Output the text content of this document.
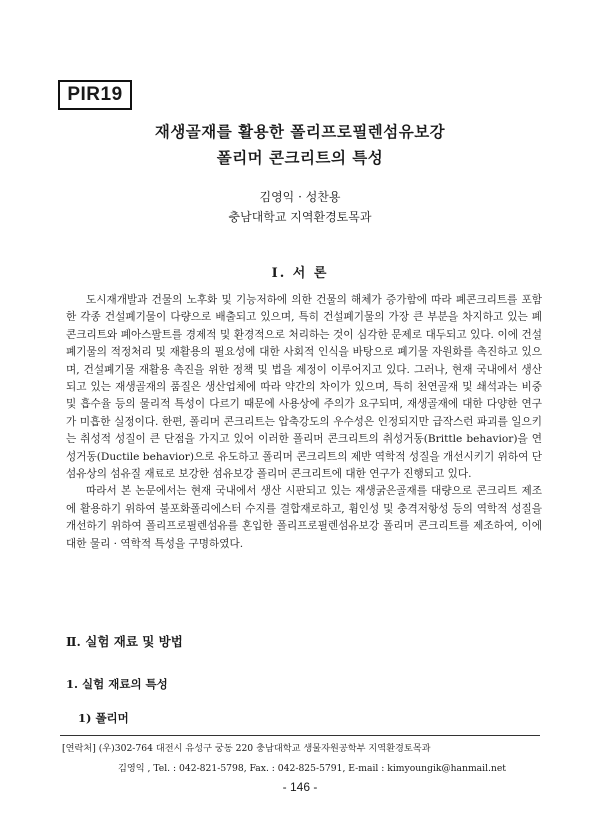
PIR19
재생골재를 활용한 폴리프로필렌섬유보강
폴리머 콘크리트의 특성
김영익 · 성찬용
충남대학교 지역환경토목과
Ⅰ. 서 론

도시재개발과 건물의 노후화 및 기능저하에 의한 건물의 해체가 증가함에 따라 폐콘크리트를 포함한 각종 건설폐기물이 다량으로 배출되고 있으며, 특히 건설폐기물의 가장 큰 부분을 차지하고 있는 폐콘크리트와 폐아스팔트를 경제적 및 환경적으로 처리하는 것이 심각한 문제로 대두되고 있다. 이에 건설폐기물의 적정처리 및 재활용의 필요성에 대한 사회적 인식을 바탕으로 폐기물 자원화를 촉진하고 있으며, 건설폐기물 재활용 촉진을 위한 정책 및 법을 제정이 이루어지고 있다. 그러나, 현재 국내에서 생산되고 있는 재생골재의 품질은 생산업체에 따라 약간의 차이가 있으며, 특히 천연골재 및 쇄석과는 비중 및 흡수율 등의 물리적 특성이 다르기 때문에 사용상에 주의가 요구되며, 재생골재에 대한 다양한 연구가 미흡한 실정이다. 한편, 폴리머 콘크리트는 압축강도의 우수성은 인정되지만 급작스런 파괴를 일으키는 취성적 성질이 큰 단점을 가지고 있어 이러한 폴리머 콘크리트의 취성거동(Brittle behavior)을 연성거동(Ductile behavior)으로 유도하고 폴리머 콘크리트의 제반 역학적 성질을 개선시키기 위하여 단섬유상의 섬유질 재료로 보강한 섬유보강 폴리머 콘크리트에 대한 연구가 진행되고 있다.

따라서 본 논문에서는 현재 국내에서 생산 시판되고 있는 재생굵은골재를 대량으로 콘크리트 제조에 활용하기 위하여 불포화폴리에스터 수지를 결합재로하고, 휨인성 및 충격저항성 등의 역학적 성질을 개선하기 위하여 폴리프로필렌섬유를 혼입한 폴리프로필렌섬유보강 폴리머 콘크리트를 제조하여, 이에 대한 물리 · 역학적 특성을 구명하였다.

Ⅱ. 실험 재료 및 방법
1. 실험 재료의 특성
1) 폴리머
[연락처] (우)302-764 대전시 유성구 궁동 220 충남대학교 생물자원공학부 지역환경토목과
김영익 , Tel. : 042-821-5798, Fax. : 042-825-5791, E-mail : kimyoungik@hanmail.net
- 146 -
